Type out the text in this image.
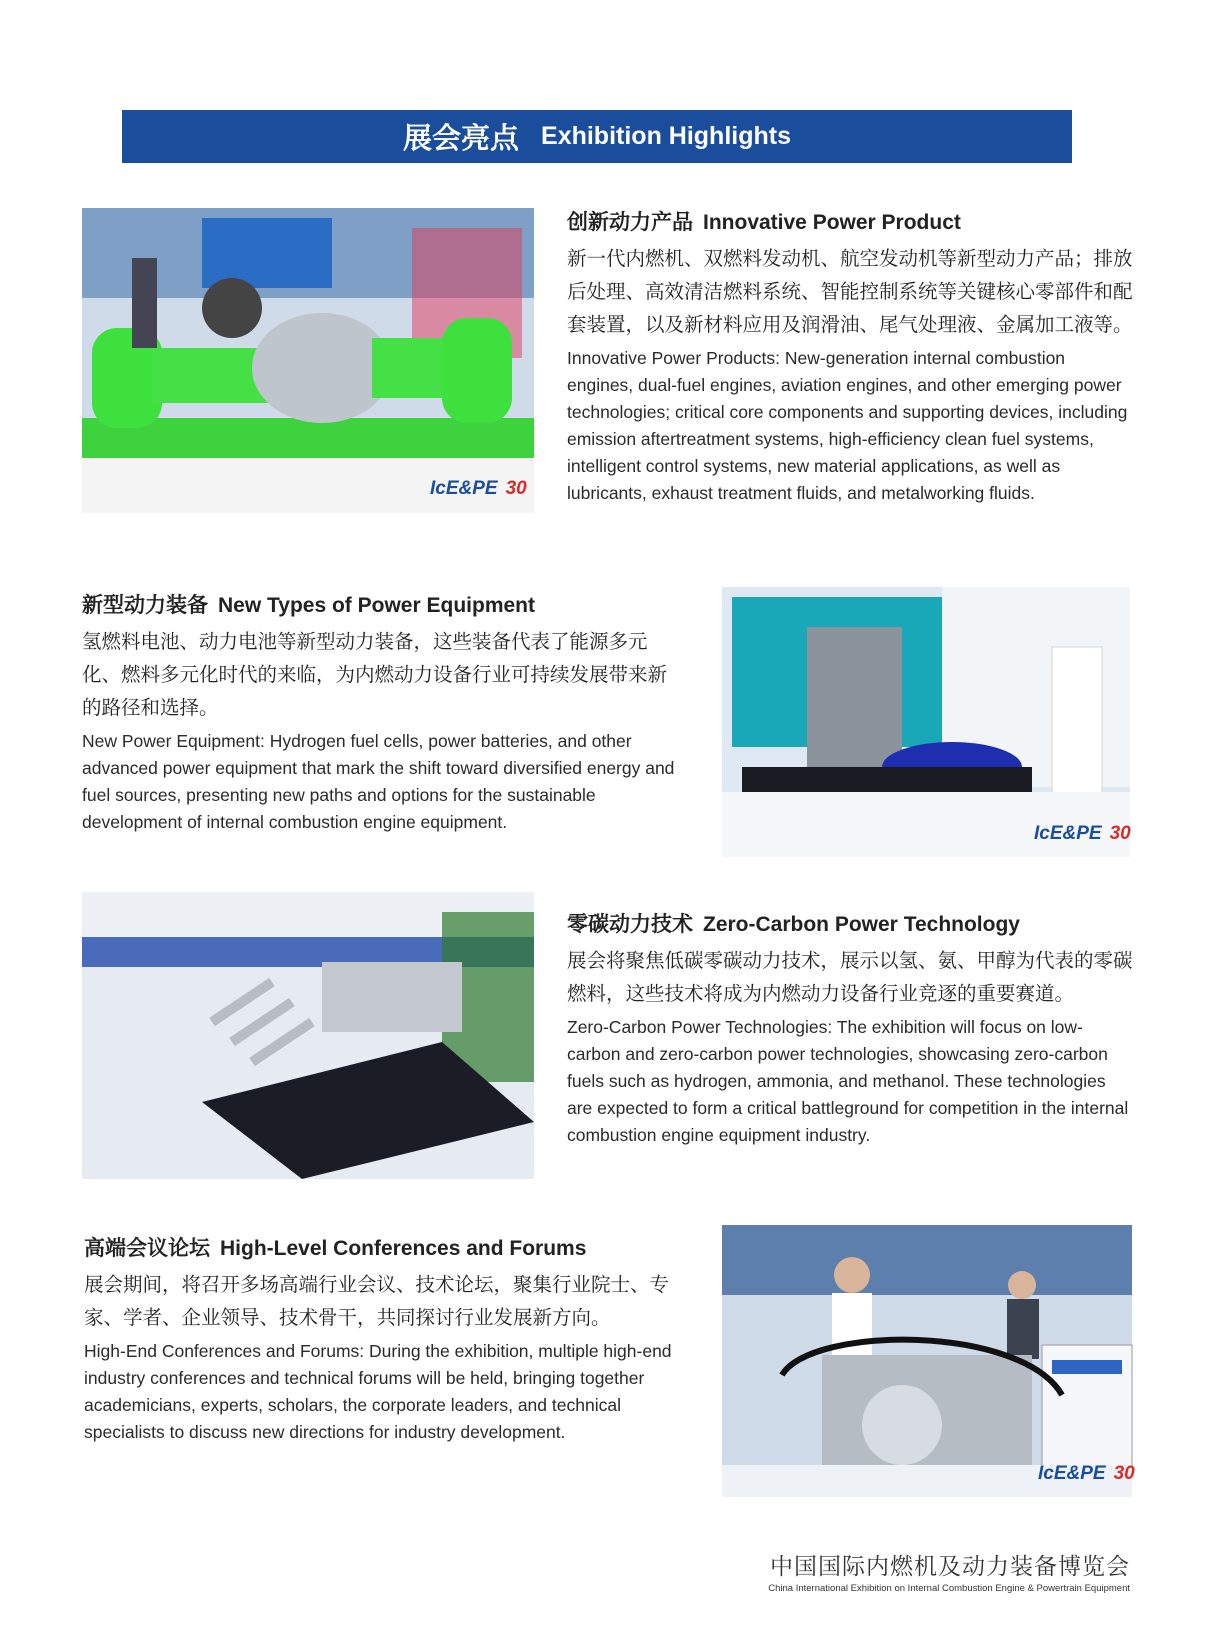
展会亮点 Exhibition Highlights
IcE&PE 30
创新动力产品 Innovative Power Product

新一代内燃机、双燃料发动机、航空发动机等新型动力产品；排放后处理、高效清洁燃料系统、智能控制系统等关键核心零部件和配套装置，以及新材料应用及润滑油、尾气处理液、金属加工液等。

Innovative Power Products: New-generation internal combustion engines, dual-fuel engines, aviation engines, and other emerging power technologies; critical core components and supporting devices, including emission aftertreatment systems, high-efficiency clean fuel systems, intelligent control systems, new material applications, as well as lubricants, exhaust treatment fluids, and metalworking fluids.

新型动力装备 New Types of Power Equipment

氢燃料电池、动力电池等新型动力装备，这些装备代表了能源多元化、燃料多元化时代的来临，为内燃动力设备行业可持续发展带来新的路径和选择。

New Power Equipment: Hydrogen fuel cells, power batteries, and other advanced power equipment that mark the shift toward diversified energy and fuel sources, presenting new paths and options for the sustainable development of internal combustion engine equipment.

IcE&PE 30
零碳动力技术 Zero-Carbon Power Technology

展会将聚焦低碳零碳动力技术，展示以氢、氨、甲醇为代表的零碳燃料，这些技术将成为内燃动力设备行业竞逐的重要赛道。

Zero-Carbon Power Technologies: The exhibition will focus on low-carbon and zero-carbon power technologies, showcasing zero-carbon fuels such as hydrogen, ammonia, and methanol. These technologies are expected to form a critical battleground for competition in the internal combustion engine equipment industry.

高端会议论坛 High-Level Conferences and Forums

展会期间，将召开多场高端行业会议、技术论坛，聚集行业院士、专家、学者、企业领导、技术骨干，共同探讨行业发展新方向。

High-End Conferences and Forums: During the exhibition, multiple high-end industry conferences and technical forums will be held, bringing together academicians, experts, scholars, the corporate leaders, and technical specialists to discuss new directions for industry development.

IcE&PE 30
中国国际内燃机及动力装备博览会
China International Exhibition on Internal Combustion Engine & Powertrain Equipment
